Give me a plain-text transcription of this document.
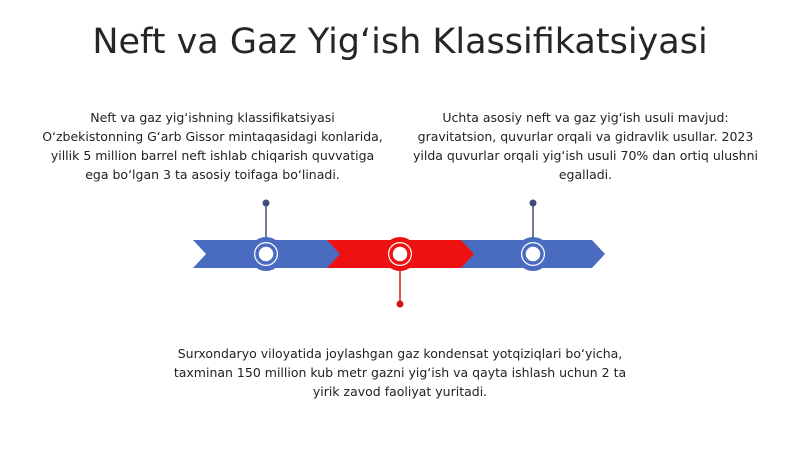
Neft va Gaz Yig‘ish Klassifikatsiyasi
Neft va gaz yig‘ishning klassifikatsiyasi O‘zbekistonning G‘arb Gissor mintaqasidagi konlarida, yillik 5 million barrel neft ishlab chiqarish quvvatiga ega bo‘lgan 3 ta asosiy toifaga bo‘linadi.
Uchta asosiy neft va gaz yig‘ish usuli mavjud: gravitatsion, quvurlar orqali va gidravlik usullar. 2023 yilda quvurlar orqali yig‘ish usuli 70% dan ortiq ulushni egalladi.
Surxondaryo viloyatida joylashgan gaz kondensat yotqiziqlari bo‘yicha, taxminan 150 million kub metr gazni yig‘ish va qayta ishlash uchun 2 ta yirik zavod faoliyat yuritadi.
